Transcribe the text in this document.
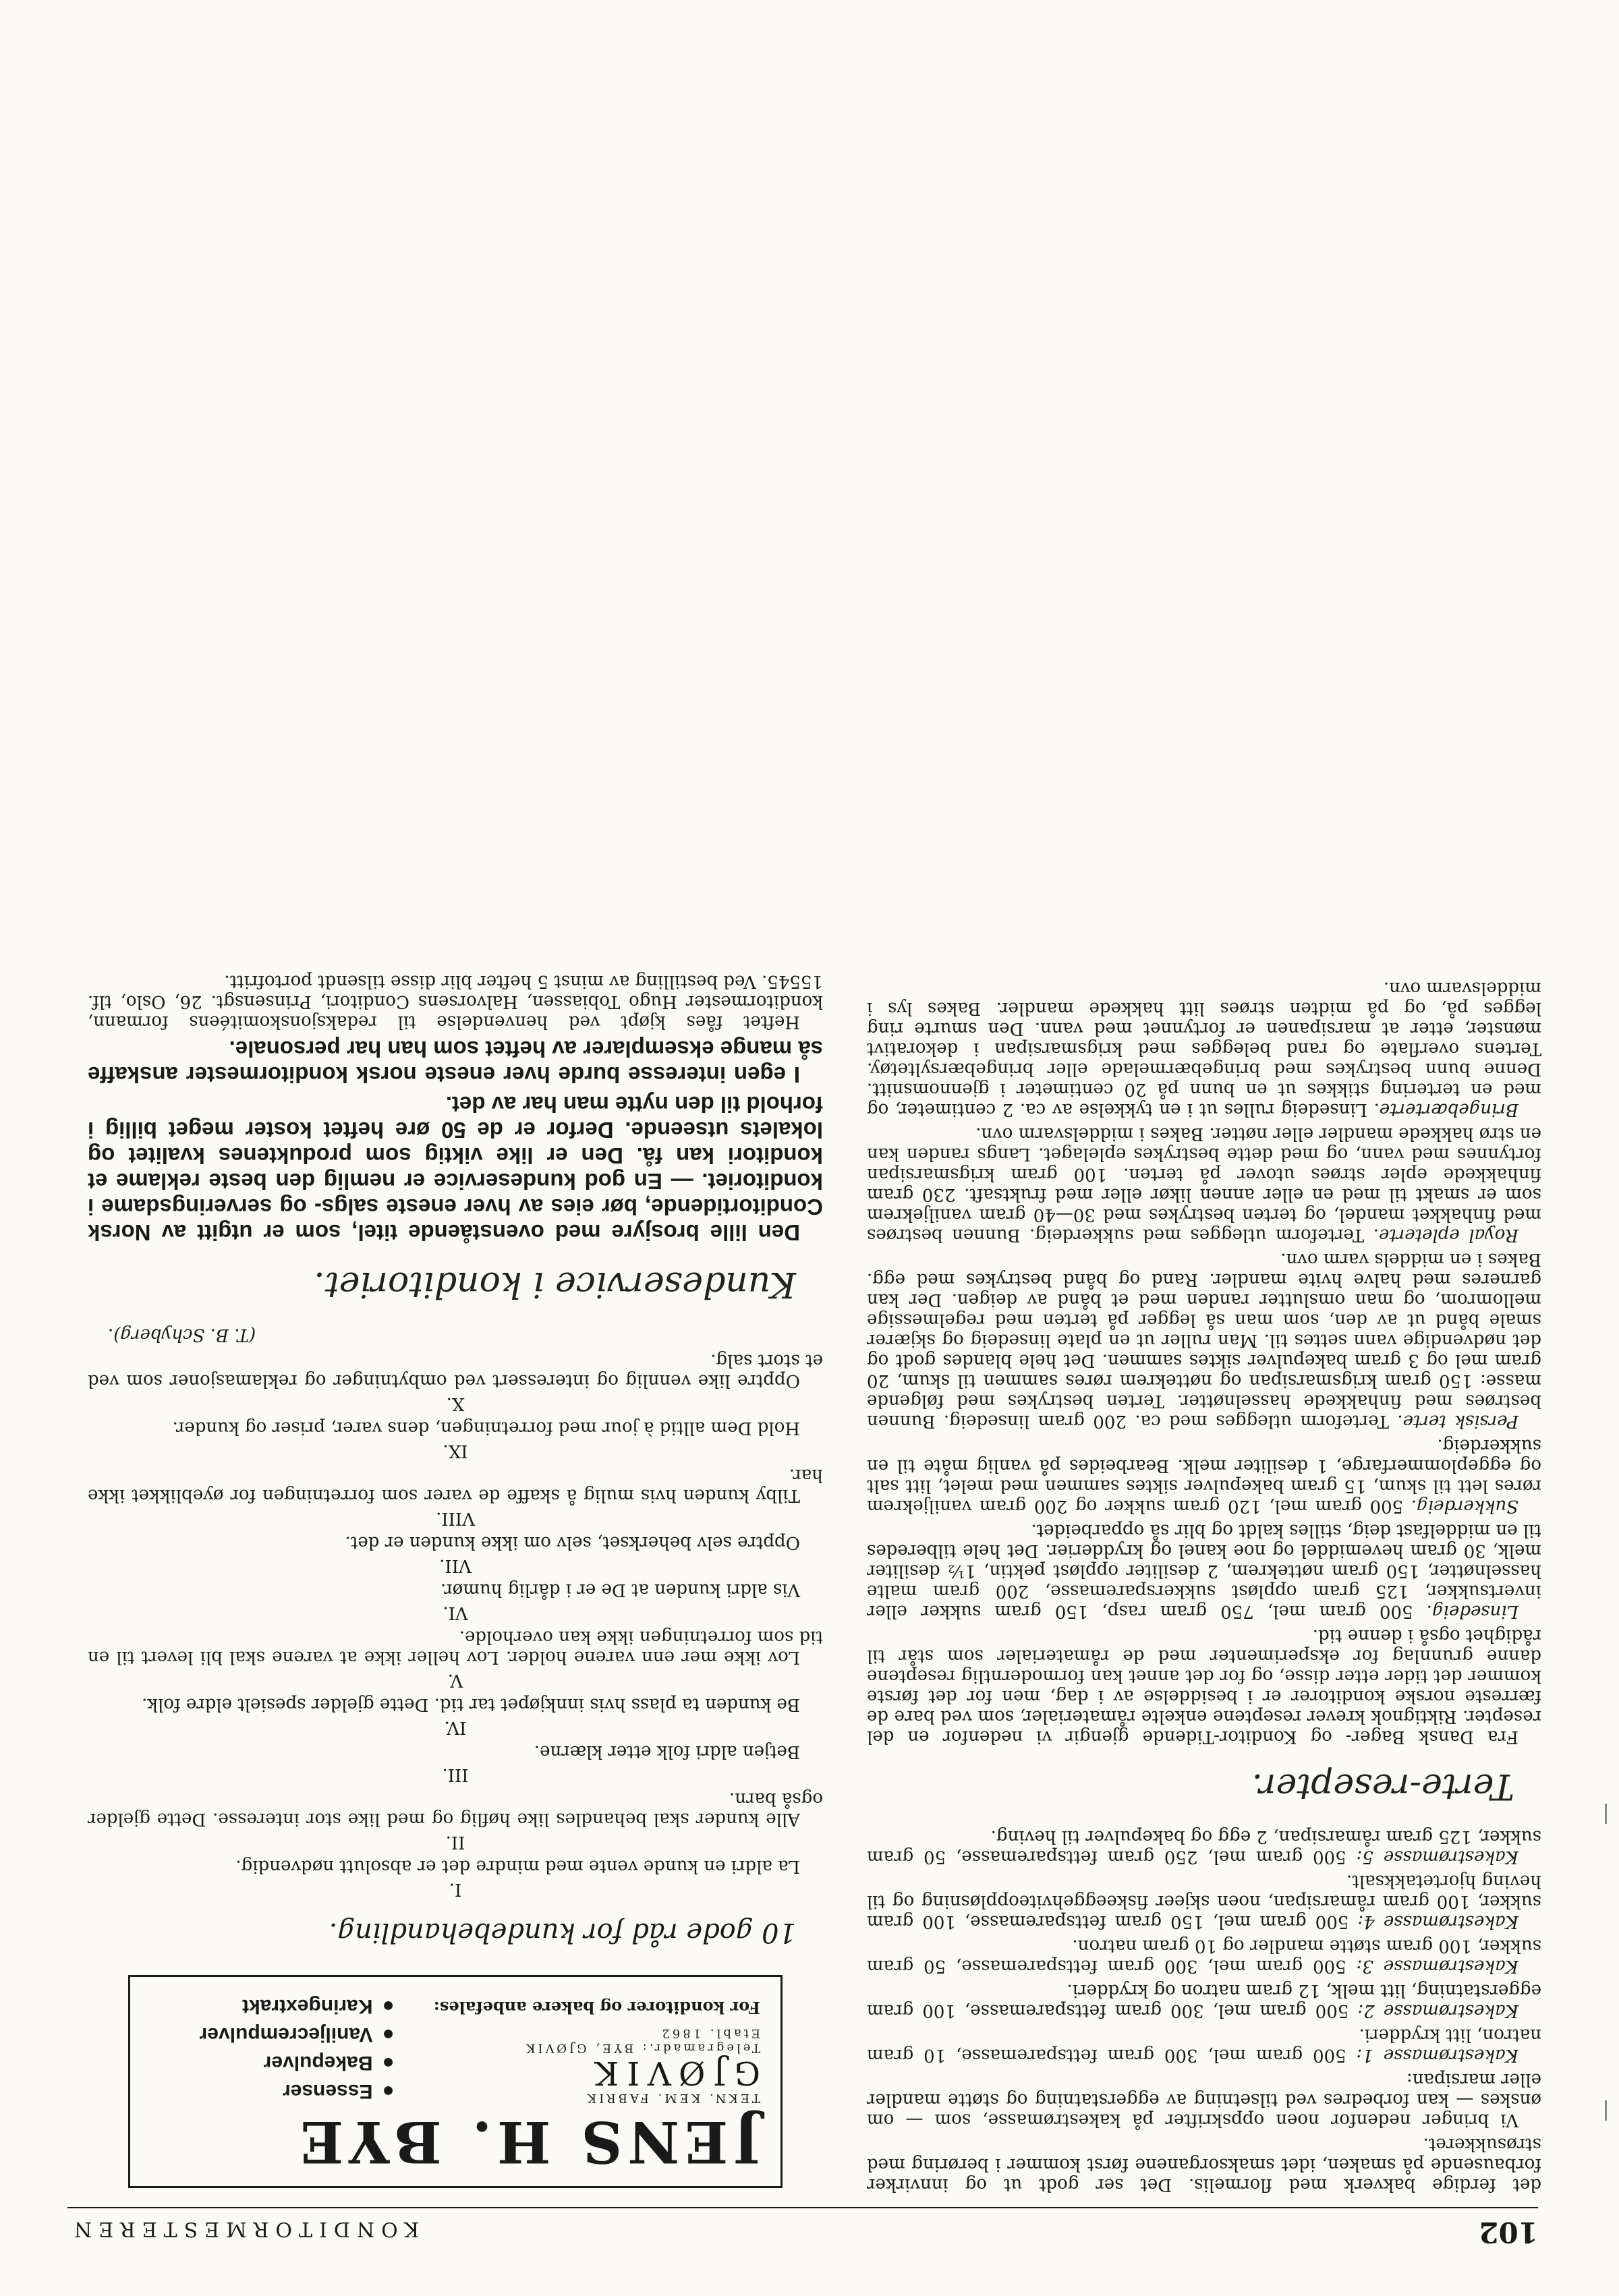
102
KONDITORMESTEREN

det ferdige bakverk med flormelis. Det ser godt ut og innvirker forbausende på smaken, idet smaksorganene først kommer i berøring med strøsukkeret.

Vi bringer nedenfor noen oppskrifter på kakestrømasse, som — om ønskes — kan forbedres ved tilsetning av eggerstatning og støtte mandler eller marsipan:

Kakestrømasse 1: 500 gram mel, 300 gram fettsparemasse, 10 gram natron, litt krydderi.

Kakestrømasse 2: 500 gram mel, 300 gram fettsparemasse, 100 gram eggerstatning, litt melk, 12 gram natron og krydderi.

Kakestrømasse 3: 500 gram mel, 300 gram fettsparemasse, 50 gram sukker, 100 gram støtte mandler og 10 gram natron.

Kakestrømasse 4: 500 gram mel, 150 gram fettsparemasse, 100 gram sukker, 100 gram råmarsipan, noen skjeer fiskeeggehviteoppløsning og til heving hjortetakksalt.

Kakestrømasse 5: 500 gram mel, 250 gram fettsparemasse, 50 gram sukker, 125 gram råmarsipan, 2 egg og bakepulver til heving.

Terte-resepter.

Fra Dansk Bager- og Konditor-Tidende gjengir vi nedenfor en del resepter. Riktignok krever reseptene enkelte råmaterialer, som ved bare de færreste norske konditorer er i besiddelse av i dag, men for det første kommer det tider etter disse, og for det annet kan formoderntlig reseptene danne grunnlag for eksperimenter med de råmaterialer som står til rådighet også i denne tid.

Linsedeig. 500 gram mel, 750 gram rasp, 150 gram sukker eller invertsukker, 125 gram oppløst sukkersparemasse, 200 gram malte hasselnøtter, 150 gram nøttekrem, 2 desiliter oppløst pektin, 1½ desiliter melk, 30 gram hevemiddel og noe kanel og krydderier. Det hele tilberedes til en middelfast deig, stilles kaldt og blir så opparbeidet.

Sukkerdeig. 500 gram mel, 120 gram sukker og 200 gram vaniljekrem røres lett til skum, 15 gram bakepulver siktes sammen med melet, litt salt og eggeplommerfarge, 1 desiliter melk. Bearbeides på vanlig måte til en sukkerdeig.

Persisk terte. Terteform utlegges med ca. 200 gram linsedeig. Bunnen bestrøes med finhakkede hasselnøtter. Terten bestrykes med følgende masse: 150 gram krigsmarsipan og nøttekrem røres sammen til skum, 20 gram mel og 3 gram bakepulver siktes sammen. Det hele blandes godt og det nødvendige vann settes til. Man ruller ut en plate linsedeig og skjærer smale bånd ut av den, som man så legger på terten med regelmessige mellomrom, og man omslutter randen med et bånd av deigen. Der kan garneres med halve hvite mandler. Rand og bånd bestrykes med egg. Bakes i en middels varm ovn.

Royal epleterte. Terteform utlegges med sukkerdeig. Bunnen bestrøes med finhakket mandel, og terten bestrykes med 30—40 gram vaniljekrem som er smakt til med en eller annen likør eller med fruktsaft. 230 gram finhakkede epler strøes utover på terten. 100 gram krigsmarsipan fortynnes med vann, og med dette bestrykes eplelaget. Langs randen kan en strø hakkede mandler eller nøtter. Bakes i middelsvarm ovn.

Bringebærterte. Linsedeig rulles ut i en tykkelse av ca. 2 centimeter, og med en tertering stikkes ut en bunn på 20 centimeter i gjennomsnitt. Denne bunn bestrykes med bringebærmelade eller bringebærsyltetøy. Tertens overflate og rand belegges med krigsmarsipan i dekorativt mønster, etter at marsipanen er fortynnet med vann. Den smurte ring legges på, og på midten strøes litt hakkede mandler. Bakes lys i middelsvarm ovn.

JENS H. BYE
TEKN. KEM. FABRIK
GJØVIK
Telegramadr.: BYE, GJØVIK
Etabl. 1862
For konditorer og bakere anbefales:
●Essenser
●Bakepulver
●Vaniljecrempulver
●Karingextrakt
10 gode råd for kundebehandling.
I.

La aldri en kunde vente med mindre det er absolutt nødvendig.

II.

Alle kunder skal behandles like høflig og med like stor interesse. Dette gjelder også barn.

III.

Betjen aldri folk etter klærne.

IV.

Be kunden ta plass hvis innkjøpet tar tid. Dette gjelder spesielt eldre folk.

V.

Lov ikke mer enn varene holder. Lov heller ikke at varene skal bli levert til en tid som forretningen ikke kan overholde.

VI.

Vis aldri kunden at De er i dårlig humør.

VII.

Opptre selv beherkset, selv om ikke kunden er det.

VIII.

Tilby kunden hvis mulig å skaffe de varer som forretningen for øyeblikket ikke har.

IX.

Hold Dem alltid à jour med forretningen, dens varer, priser og kunder.

X.

Opptre like vennlig og interessert ved ombytninger og reklamasjoner som ved et stort salg.

(T. B. Schyberg).
Kundeservice i konditoriet.

Den lille brosjyre med ovenstående titel, som er utgitt av Norsk Conditortidende, bør eies av hver eneste salgs- og serveringsdame i konditoriet. — En god kundeservice er nemlig den beste reklame et konditori kan få. Den er like viktig som produktenes kvalitet og lokalets utseende. Derfor er de 50 øre heftet koster meget billig i forhold til den nytte man har av det.

I egen interesse burde hver eneste norsk konditormester anskaffe så mange eksemplarer av heftet som han har personale.

Heftet fåes kjøpt ved henvendelse til redaksjonskomitéens formann, konditormester Hugo Tobiassen, Halvorsens Conditori, Prinsensgt. 26, Oslo, tlf. 15545. Ved bestilling av minst 5 hefter blir disse tilsendt portofritt.
